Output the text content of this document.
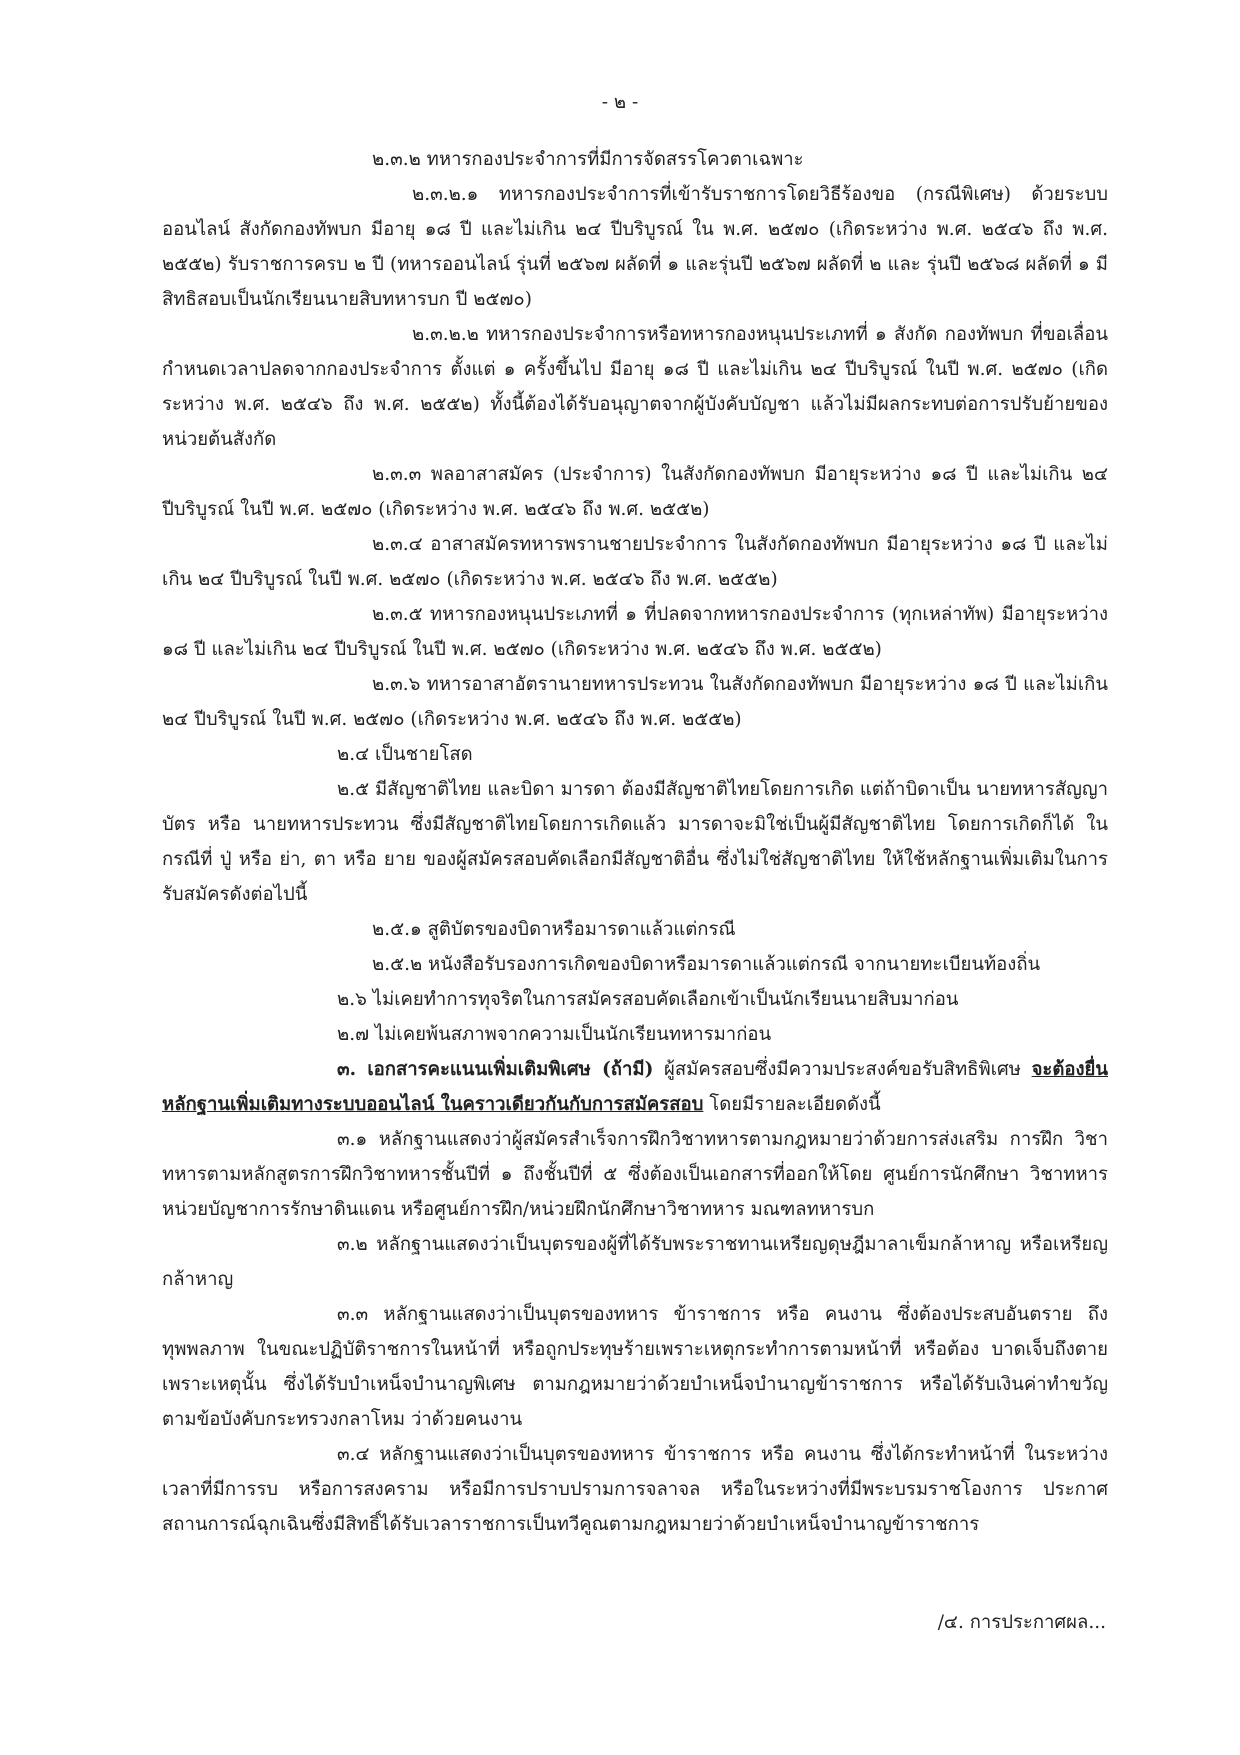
- ๒ -

๒.๓.๒ ทหารกองประจำการที่มีการจัดสรรโควตาเฉพาะ

๒.๓.๒.๑ ทหารกองประจำการที่เข้ารับราชการโดยวิธีร้องขอ (กรณีพิเศษ) ด้วยระบบออนไลน์ สังกัดกองทัพบก มีอายุ ๑๘ ปี และไม่เกิน ๒๔ ปีบริบูรณ์ ใน พ.ศ. ๒๕๗๐ (เกิดระหว่าง พ.ศ. ๒๕๔๖ ถึง พ.ศ. ๒๕๕๒) รับราชการครบ ๒ ปี (ทหารออนไลน์ รุ่นที่ ๒๕๖๗ ผลัดที่ ๑ และรุ่นปี ๒๕๖๗ ผลัดที่ ๒ และ รุ่นปี ๒๕๖๘ ผลัดที่ ๑ มีสิทธิสอบเป็นนักเรียนนายสิบทหารบก ปี ๒๕๗๐)

๒.๓.๒.๒ ทหารกองประจำการหรือทหารกองหนุนประเภทที่ ๑ สังกัด กองทัพบก ที่ขอเลื่อนกำหนดเวลาปลดจากกองประจำการ ตั้งแต่ ๑ ครั้งขึ้นไป มีอายุ ๑๘ ปี และไม่เกิน ๒๔ ปีบริบูรณ์ ในปี พ.ศ. ๒๕๗๐ (เกิดระหว่าง พ.ศ. ๒๕๔๖ ถึง พ.ศ. ๒๕๕๒) ทั้งนี้ต้องได้รับอนุญาตจากผู้บังคับบัญชา แล้วไม่มีผลกระทบต่อการปรับย้ายของหน่วยต้นสังกัด

๒.๓.๓ พลอาสาสมัคร (ประจำการ) ในสังกัดกองทัพบก มีอายุระหว่าง ๑๘ ปี และไม่เกิน ๒๔ ปีบริบูรณ์ ในปี พ.ศ. ๒๕๗๐ (เกิดระหว่าง พ.ศ. ๒๕๔๖ ถึง พ.ศ. ๒๕๕๒)

๒.๓.๔ อาสาสมัครทหารพรานชายประจำการ ในสังกัดกองทัพบก มีอายุระหว่าง ๑๘ ปี และไม่เกิน ๒๔ ปีบริบูรณ์ ในปี พ.ศ. ๒๕๗๐ (เกิดระหว่าง พ.ศ. ๒๕๔๖ ถึง พ.ศ. ๒๕๕๒)

๒.๓.๕ ทหารกองหนุนประเภทที่ ๑ ที่ปลดจากทหารกองประจำการ (ทุกเหล่าทัพ) มีอายุระหว่าง ๑๘ ปี และไม่เกิน ๒๔ ปีบริบูรณ์ ในปี พ.ศ. ๒๕๗๐ (เกิดระหว่าง พ.ศ. ๒๕๔๖ ถึง พ.ศ. ๒๕๕๒)

๒.๓.๖ ทหารอาสาอัตรานายทหารประทวน ในสังกัดกองทัพบก มีอายุระหว่าง ๑๘ ปี และไม่เกิน ๒๔ ปีบริบูรณ์ ในปี พ.ศ. ๒๕๗๐ (เกิดระหว่าง พ.ศ. ๒๕๔๖ ถึง พ.ศ. ๒๕๕๒)

๒.๔ เป็นชายโสด

๒.๕ มีสัญชาติไทย และบิดา มารดา ต้องมีสัญชาติไทยโดยการเกิด แต่ถ้าบิดาเป็น นายทหารสัญญาบัตร หรือ นายทหารประทวน ซึ่งมีสัญชาติไทยโดยการเกิดแล้ว มารดาจะมิใช่เป็นผู้มีสัญชาติไทย โดยการเกิดก็ได้ ในกรณีที่ ปู่ หรือ ย่า, ตา หรือ ยาย ของผู้สมัครสอบคัดเลือกมีสัญชาติอื่น ซึ่งไม่ใช่สัญชาติไทย ให้ใช้หลักฐานเพิ่มเติมในการรับสมัครดังต่อไปนี้

๒.๕.๑ สูติบัตรของบิดาหรือมารดาแล้วแต่กรณี

๒.๕.๒ หนังสือรับรองการเกิดของบิดาหรือมารดาแล้วแต่กรณี จากนายทะเบียนท้องถิ่น

๒.๖ ไม่เคยทำการทุจริตในการสมัครสอบคัดเลือกเข้าเป็นนักเรียนนายสิบมาก่อน

๒.๗ ไม่เคยพ้นสภาพจากความเป็นนักเรียนทหารมาก่อน

๓. เอกสารคะแนนเพิ่มเติมพิเศษ (ถ้ามี) ผู้สมัครสอบซึ่งมีความประสงค์ขอรับสิทธิพิเศษ จะต้องยื่นหลักฐานเพิ่มเติมทางระบบออนไลน์ ในคราวเดียวกันกับการสมัครสอบ โดยมีรายละเอียดดังนี้

๓.๑ หลักฐานแสดงว่าผู้สมัครสำเร็จการฝึกวิชาทหารตามกฎหมายว่าด้วยการส่งเสริม การฝึก วิชาทหารตามหลักสูตรการฝึกวิชาทหารชั้นปีที่ ๑ ถึงชั้นปีที่ ๕ ซึ่งต้องเป็นเอกสารที่ออกให้โดย ศูนย์การนักศึกษา วิชาทหาร หน่วยบัญชาการรักษาดินแดน หรือศูนย์การฝึก/หน่วยฝึกนักศึกษาวิชาทหาร มณฑลทหารบก

๓.๒ หลักฐานแสดงว่าเป็นบุตรของผู้ที่ได้รับพระราชทานเหรียญดุษฎีมาลาเข็มกล้าหาญ หรือเหรียญกล้าหาญ

๓.๓ หลักฐานแสดงว่าเป็นบุตรของทหาร ข้าราชการ หรือ คนงาน ซึ่งต้องประสบอันตราย ถึงทุพพลภาพ ในขณะปฏิบัติราชการในหน้าที่ หรือถูกประทุษร้ายเพราะเหตุกระทำการตามหน้าที่ หรือต้อง บาดเจ็บถึงตายเพราะเหตุนั้น ซึ่งได้รับบำเหน็จบำนาญพิเศษ ตามกฎหมายว่าด้วยบำเหน็จบำนาญข้าราชการ หรือได้รับเงินค่าทำขวัญตามข้อบังคับกระทรวงกลาโหม ว่าด้วยคนงาน

๓.๔ หลักฐานแสดงว่าเป็นบุตรของทหาร ข้าราชการ หรือ คนงาน ซึ่งได้กระทำหน้าที่ ในระหว่างเวลาที่มีการรบ หรือการสงคราม หรือมีการปราบปรามการจลาจล หรือในระหว่างที่มีพระบรมราชโองการ ประกาศสถานการณ์ฉุกเฉินซึ่งมีสิทธิ์ได้รับเวลาราชการเป็นทวีคูณตามกฎหมายว่าด้วยบำเหน็จบำนาญข้าราชการ

/๔. การประกาศผล...
